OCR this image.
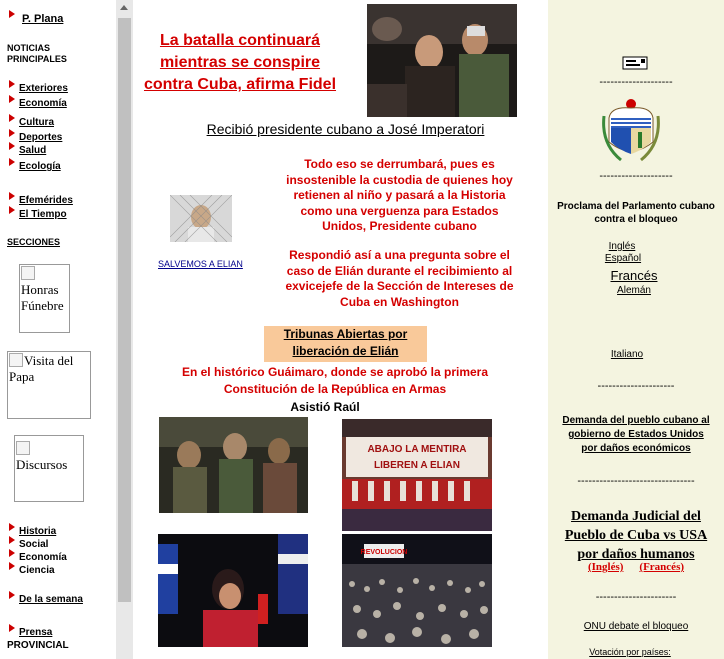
P. Plana
NOTICIAS
PRINCIPALES
Exteriores
Economía
Cultura
Deportes
Salud
Ecología
Efemérides
El Tiempo
SECCIONES
Honras
Fúnebre
Visita del
Papa

Discursos
Historia
Social
Economía
Ciencia
De la semana
Prensa
PROVINCIAL
La batalla continuará
mientras se conspire
contra Cuba, afirma Fidel
Recibió presidente cubano a José Imperatori
Todo eso se derrumbará, pues es
insostenible la custodia de quienes hoy
retienen al niño y pasará a la Historia
como una verguenza para Estados
Unidos, Presidente cubano
Respondió así a una pregunta sobre el
caso de Elián durante el recibimiento al
exvicejefe de la Sección de Intereses de
Cuba en Washington
SALVEMOS A ELIAN
Tribunas Abiertas por
liberación de Elián
En el histórico Guáimaro, donde se aprobó la primera
Constitución de la República en Armas
Asistió Raúl
ABAJO LA MENTIRA
LIBEREN A ELIAN
REVOLUCION
--------------------
--------------------
Proclama del Parlamento cubano
contra el bloqueo
Inglés
Español
Francés
Alemán
Italiano
---------------------
Demanda del pueblo cubano al
gobierno de Estados Unidos
por daños económicos
--------------------------------
Demanda Judicial del
Pueblo de Cuba vs USA
por daños humanos
(Inglés) (Francés)
----------------------
ONU debate el bloqueo
Votación por países:
